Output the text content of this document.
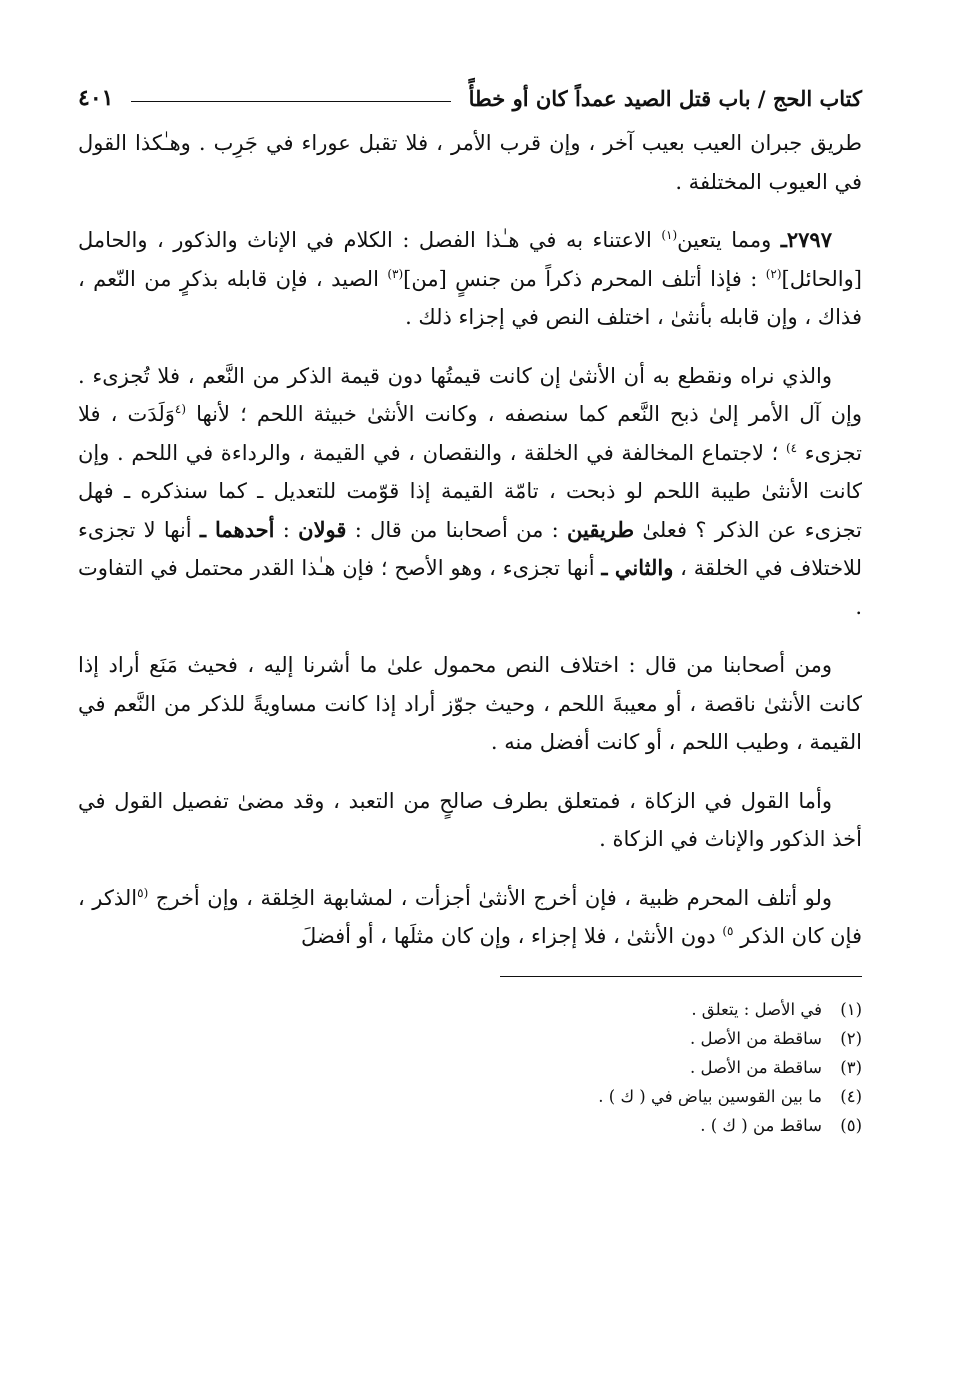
كتاب الحج / باب قتل الصيد عمداً كان أو خطأً
٤٠١

طريق جبران العيب بعيب آخر ، وإن قرب الأمر ، فلا تقبل عوراء في جَرِب . وهـٰكذا القول في العيوب المختلفة .

٢٧٩٧ـ ومما يتعين$^{(١)}$ الاعتناء به في هـٰذا الفصل : الكلام في الإناث والذكور ، والحامل [والحائل]$^{(٢)}$ : فإذا أتلف المحرم ذكراً من جنسٍ [من]$^{(٣)}$ الصيد ، فإن قابله بذكرٍ من النّعم ، فذاك ، وإن قابله بأنثىٰ ، اختلف النص في إجزاء ذلك .

والذي نراه ونقطع به أن الأنثىٰ إن كانت قيمتُها دون قيمة الذكر من النَّعم ، فلا تُجزىء . وإن آل الأمر إلىٰ ذبح النَّعم كما سنصفه ، وكانت الأنثىٰ خبيثة اللحم ؛ لأنها $^{(٤}$وَلَدَت ، فلا تجزىء $^{٤)}$ ؛ لاجتماع المخالفة في الخلقة ، والنقصان ، في القيمة ، والرداءة في اللحم . وإن كانت الأنثىٰ طيبة اللحم لو ذبحت ، تامّة القيمة إذا قوّمت للتعديل ـ كما سنذكره ـ فهل تجزىء عن الذكر ؟ فعلىٰ طريقين : من أصحابنا من قال : قولان : أحدهما ـ أنها لا تجزىء للاختلاف في الخلقة ، والثاني ـ أنها تجزىء ، وهو الأصح ؛ فإن هـٰذا القدر محتمل في التفاوت .

ومن أصحابنا من قال : اختلاف النص محمول علىٰ ما أشرنا إليه ، فحيث مَنَع أراد إذا كانت الأنثىٰ ناقصة ، أو معيبةَ اللحم ، وحيث جوّز أراد إذا كانت مساويةً للذكر من النَّعم في القيمة ، وطيب اللحم ، أو كانت أفضل منه .

وأما القول في الزكاة ، فمتعلق بطرف صالحٍ من التعبد ، وقد مضىٰ تفصيل القول في أخذ الذكور والإناث في الزكاة .

ولو أتلف المحرم ظبية ، فإن أخرج الأنثىٰ أجزأت ، لمشابهة الخِلقة ، وإن أخرج $^{(٥}$الذكر ، فإن كان الذكر $^{٥)}$ دون الأنثىٰ ، فلا إجزاء ، وإن كان مثلَها ، أو أفضلَ

(١)
في الأصل : يتعلق .
(٢)
ساقطة من الأصل .
(٣)
ساقطة من الأصل .
(٤)
ما بين القوسين بياض في ( ك ) .
(٥)
ساقط من ( ك ) .
